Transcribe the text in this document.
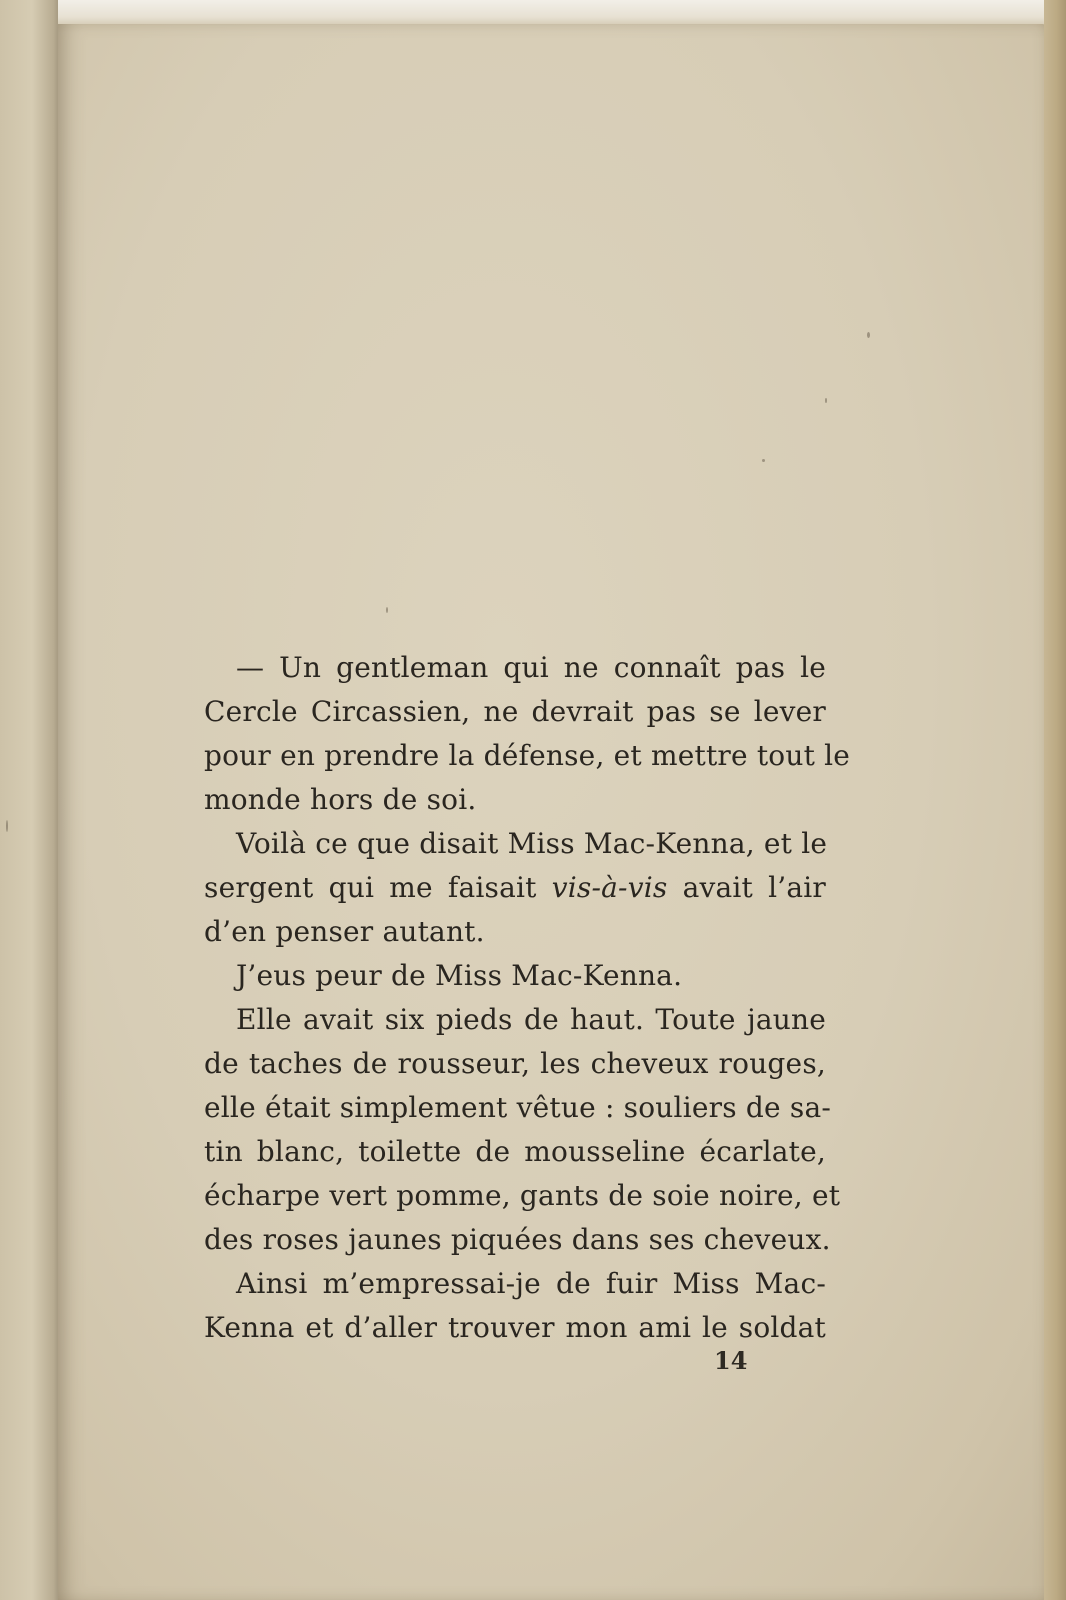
— Un gentleman qui ne connaît pas le
Cercle Circassien, ne devrait pas se lever
pour en prendre la défense, et mettre tout le
monde hors de soi.
Voilà ce que disait Miss Mac-Kenna, et le
sergent qui me faisait vis-à-vis avait l’air
d’en penser autant.
J’eus peur de Miss Mac-Kenna.
Elle avait six pieds de haut. Toute jaune
de taches de rousseur, les cheveux rouges,
elle était simplement vêtue : souliers de sa-
tin blanc, toilette de mousseline écarlate,
écharpe vert pomme, gants de soie noire, et
des roses jaunes piquées dans ses cheveux.
Ainsi m’empressai-je de fuir Miss Mac-
Kenna et d’aller trouver mon ami le soldat
14
